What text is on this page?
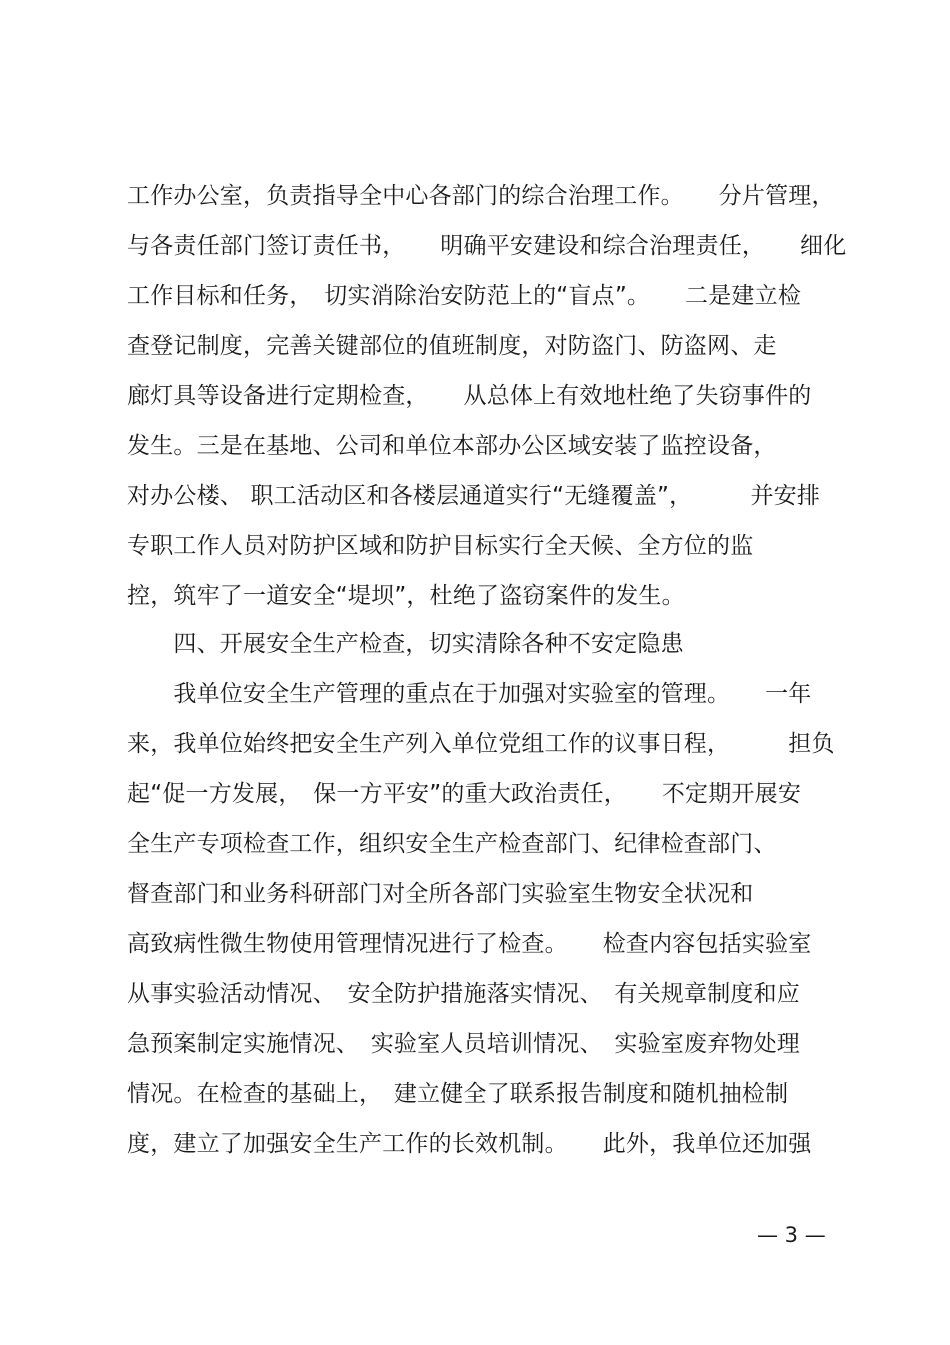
工作办公室，负责指导全中心各部门的综合治理工作。　　分片管理，
与各责任部门签订责任书，　　明确平安建设和综合治理责任，　　细化
工作目标和任务，　切实消除治安防范上的“盲点”。　　二是建立检
查登记制度，完善关键部位的值班制度，对防盗门、防盗网、走
廊灯具等设备进行定期检查，　　从总体上有效地杜绝了失窃事件的
发生。三是在基地、公司和单位本部办公区域安装了监控设备，
对办公楼、 职工活动区和各楼层通道实行“无缝覆盖”，　　　并安排
专职工作人员对防护区域和防护目标实行全天候、全方位的监
控，筑牢了一道安全“堤坝”，杜绝了盗窃案件的发生。
　　四、开展安全生产检查，切实清除各种不安定隐患
　　我单位安全生产管理的重点在于加强对实验室的管理。　　一年
来，我单位始终把安全生产列入单位党组工作的议事日程，　　　担负
起“促一方发展，　保一方平安”的重大政治责任，　　不定期开展安
全生产专项检查工作，组织安全生产检查部门、纪律检查部门、
督查部门和业务科研部门对全所各部门实验室生物安全状况和
高致病性微生物使用管理情况进行了检查。　　检查内容包括实验室
从事实验活动情况、　安全防护措施落实情况、　有关规章制度和应
急预案制定实施情况、　实验室人员培训情况、　实验室废弃物处理
情况。在检查的基础上，　建立健全了联系报告制度和随机抽检制
度，建立了加强安全生产工作的长效机制。　　此外，我单位还加强
— 3 —
